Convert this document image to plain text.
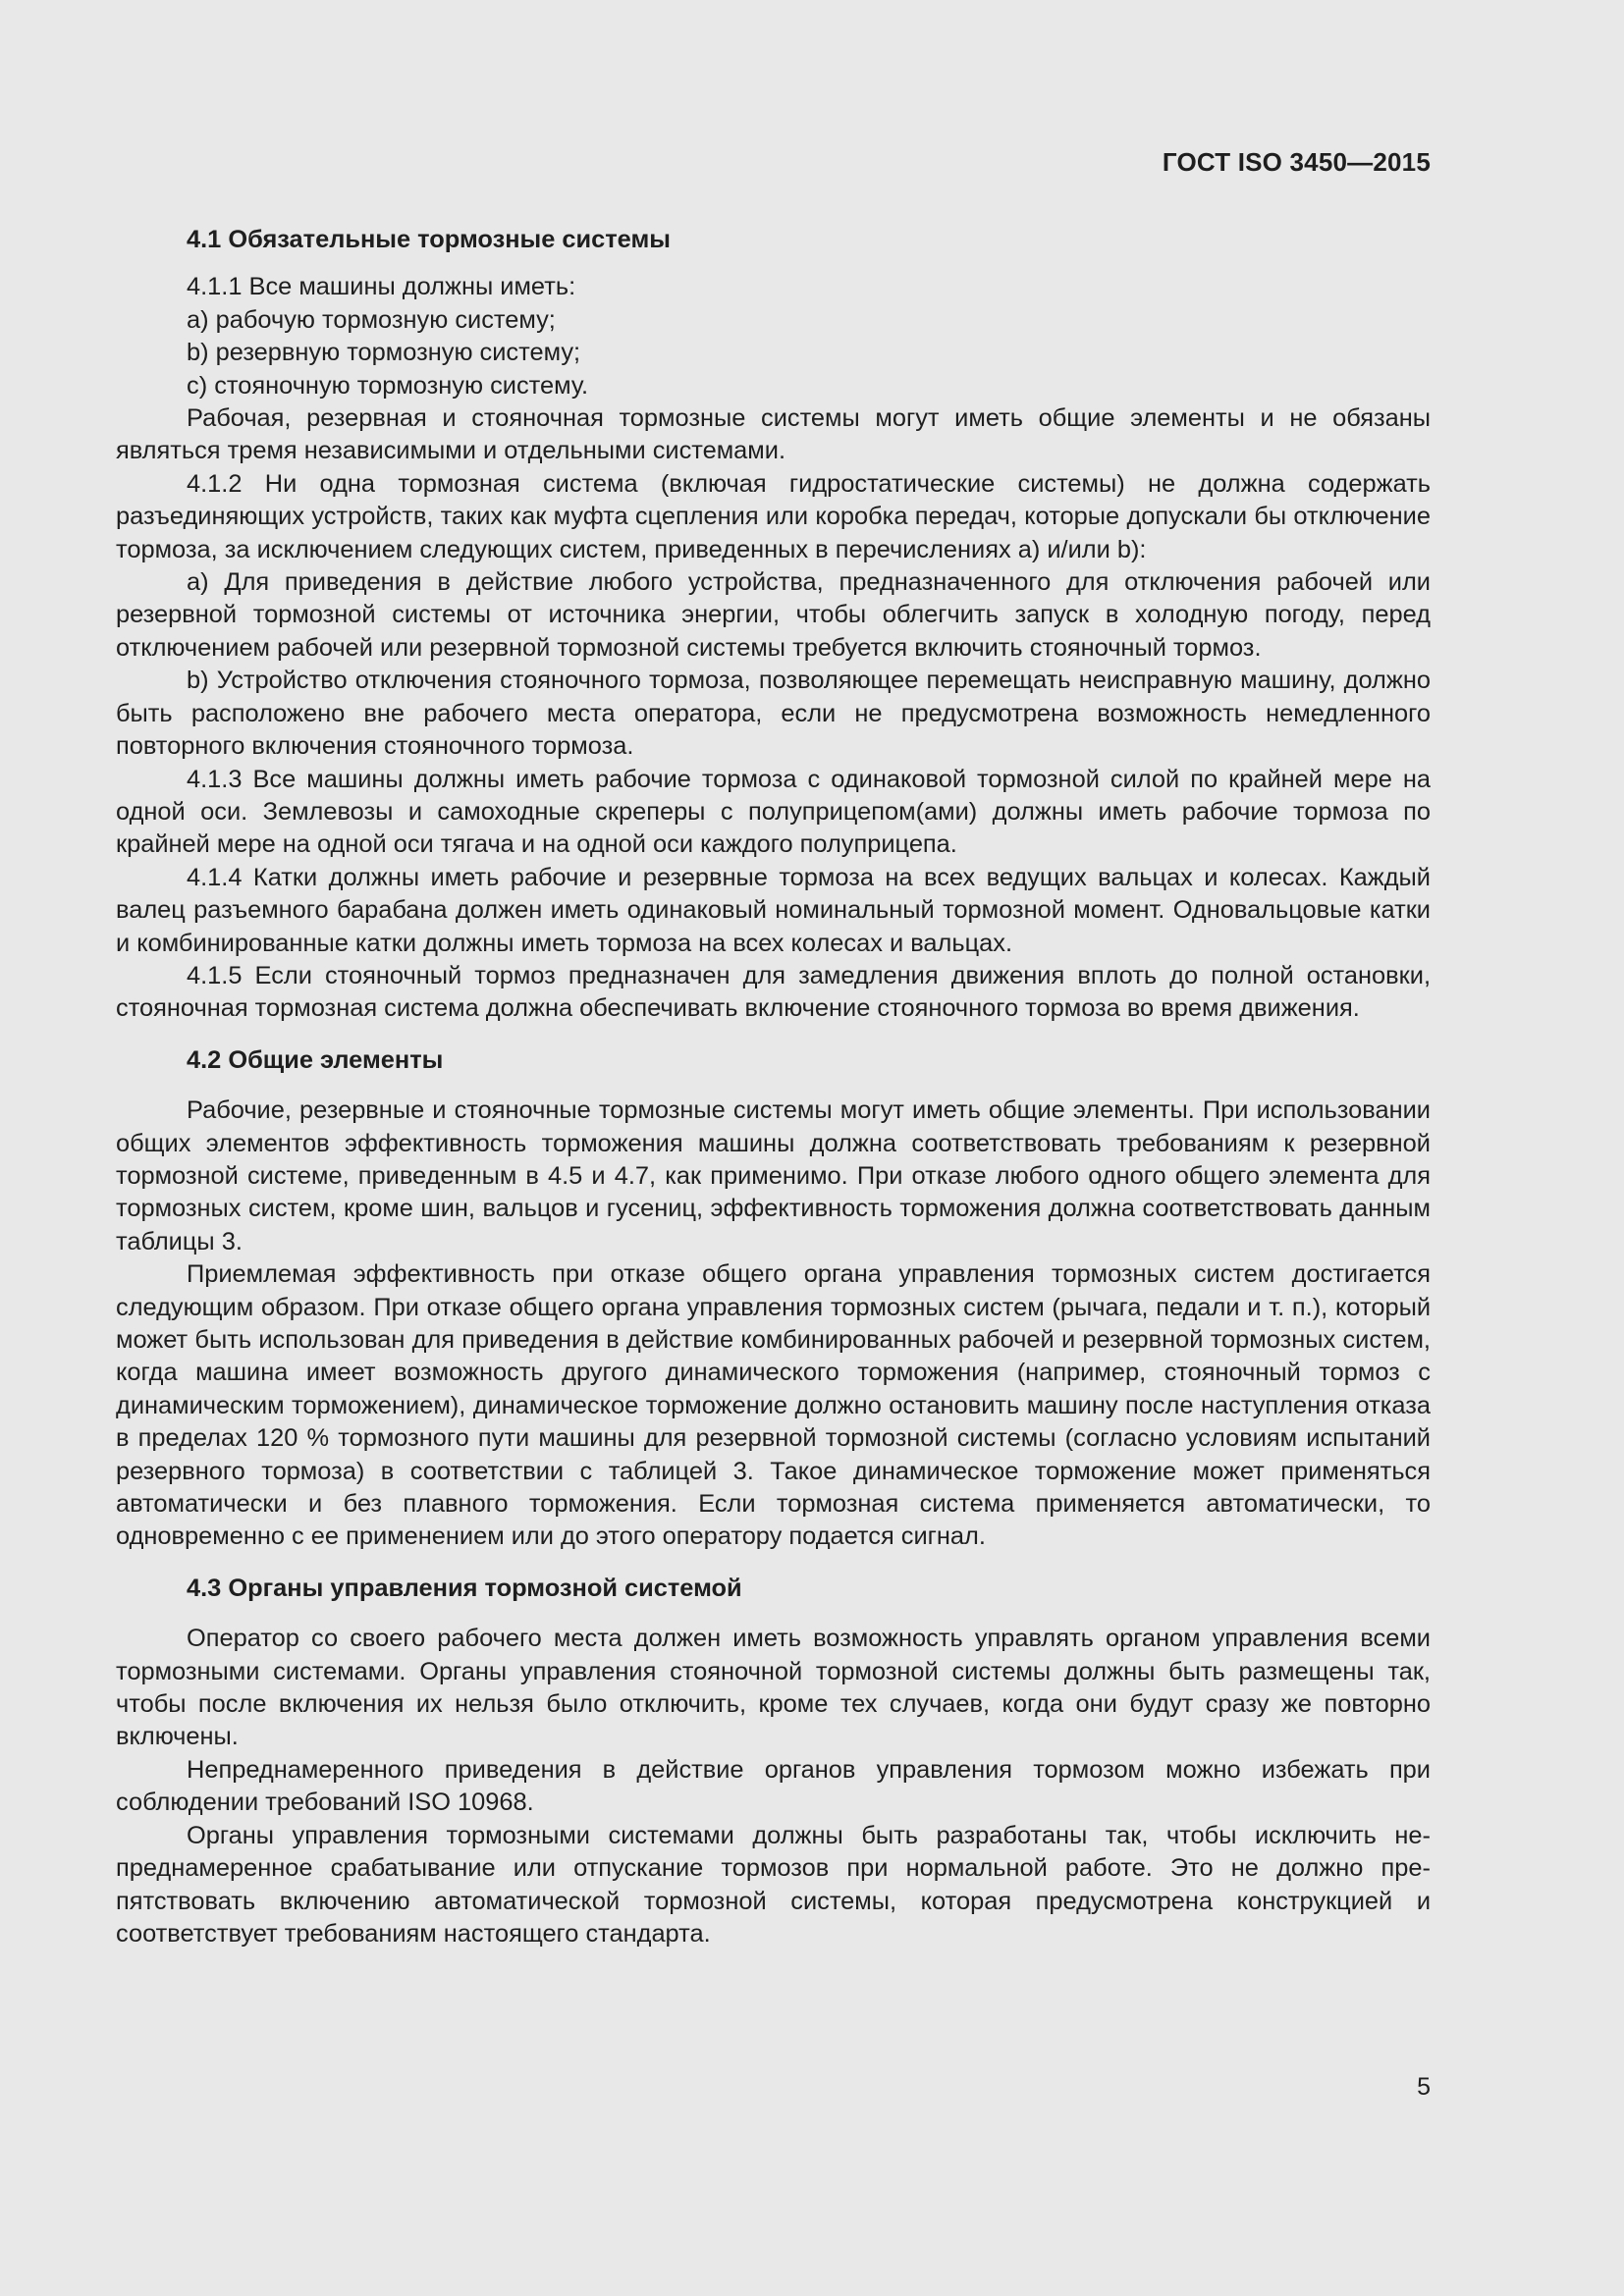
ГОСТ ISO 3450—2015
4.1 Обязательные тормозные системы

4.1.1 Все машины должны иметь:

a) рабочую тормозную систему;

b) резервную тормозную систему;

c) стояночную тормозную систему.

Рабочая, резервная и стояночная тормозные системы могут иметь общие элементы и не обязаны являться тремя независимыми и отдельными системами.

4.1.2 Ни одна тормозная система (включая гидростатические системы) не должна содержать разъединяющих устройств, таких как муфта сцепления или коробка передач, которые допускали бы отключение тормоза, за исключением следующих систем, приведенных в перечислениях a) и/или b):

a) Для приведения в действие любого устройства, предназначенного для отключения рабочей или резервной тормозной системы от источника энергии, чтобы облегчить запуск в холодную погоду, перед отключением рабочей или резервной тормозной системы требуется включить стояночный тормоз.

b) Устройство отключения стояночного тормоза, позволяющее перемещать неисправную машину, должно быть расположено вне рабочего места оператора, если не предусмотрена возможность немедленного повторного включения стояночного тормоза.

4.1.3 Все машины должны иметь рабочие тормоза с одинаковой тормозной силой по крайней мере на одной оси. Землевозы и самоходные скреперы с полуприцепом(ами) должны иметь рабочие тормоза по крайней мере на одной оси тягача и на одной оси каждого полуприцепа.

4.1.4 Катки должны иметь рабочие и резервные тормоза на всех ведущих вальцах и колесах. Каждый валец разъемного барабана должен иметь одинаковый номинальный тормозной момент. Одновальцовые катки и комбинированные катки должны иметь тормоза на всех колесах и вальцах.

4.1.5 Если стояночный тормоз предназначен для замедления движения вплоть до полной остановки, стояночная тормозная система должна обеспечивать включение стояночного тормоза во время движения.

4.2 Общие элементы

Рабочие, резервные и стояночные тормозные системы могут иметь общие элементы. При использовании общих элементов эффективность торможения машины должна соответствовать требованиям к резервной тормозной системе, приведенным в 4.5 и 4.7, как применимо. При отказе любого одного общего элемента для тормозных систем, кроме шин, вальцов и гусениц, эффективность торможения должна соответствовать данным таблицы 3.

Приемлемая эффективность при отказе общего органа управления тормозных систем достигается следующим образом. При отказе общего органа управления тормозных систем (рычага, педали и т. п.), который может быть использован для приведения в действие комбинированных рабочей и резервной тормозных систем, когда машина имеет возможность другого динамического торможения (например, стояночный тормоз с динамическим торможением), динамическое торможение должно остановить машину после наступления отказа в пределах 120 % тормозного пути машины для резервной тормозной системы (согласно условиям испытаний резервного тормоза) в соответствии с таблицей 3. Такое динамическое торможение может применяться автоматически и без плавного торможения. Если тормозная система применяется автоматически, то одновременно с ее применением или до этого оператору подается сигнал.

4.3 Органы управления тормозной системой

Оператор со своего рабочего места должен иметь возможность управлять органом управления всеми тормозными системами. Органы управления стояночной тормозной системы должны быть размещены так, чтобы после включения их нельзя было отключить, кроме тех случаев, когда они будут сразу же повторно включены.

Непреднамеренного приведения в действие органов управления тормозом можно избежать при соблюдении требований ISO 10968.

Органы управления тормозными системами должны быть разработаны так, чтобы исключить непреднамеренное срабатывание или отпускание тормозов при нормальной работе. Это не должно препятствовать включению автоматической тормозной системы, которая предусмотрена конструкцией и соответствует требованиям настоящего стандарта.

5
